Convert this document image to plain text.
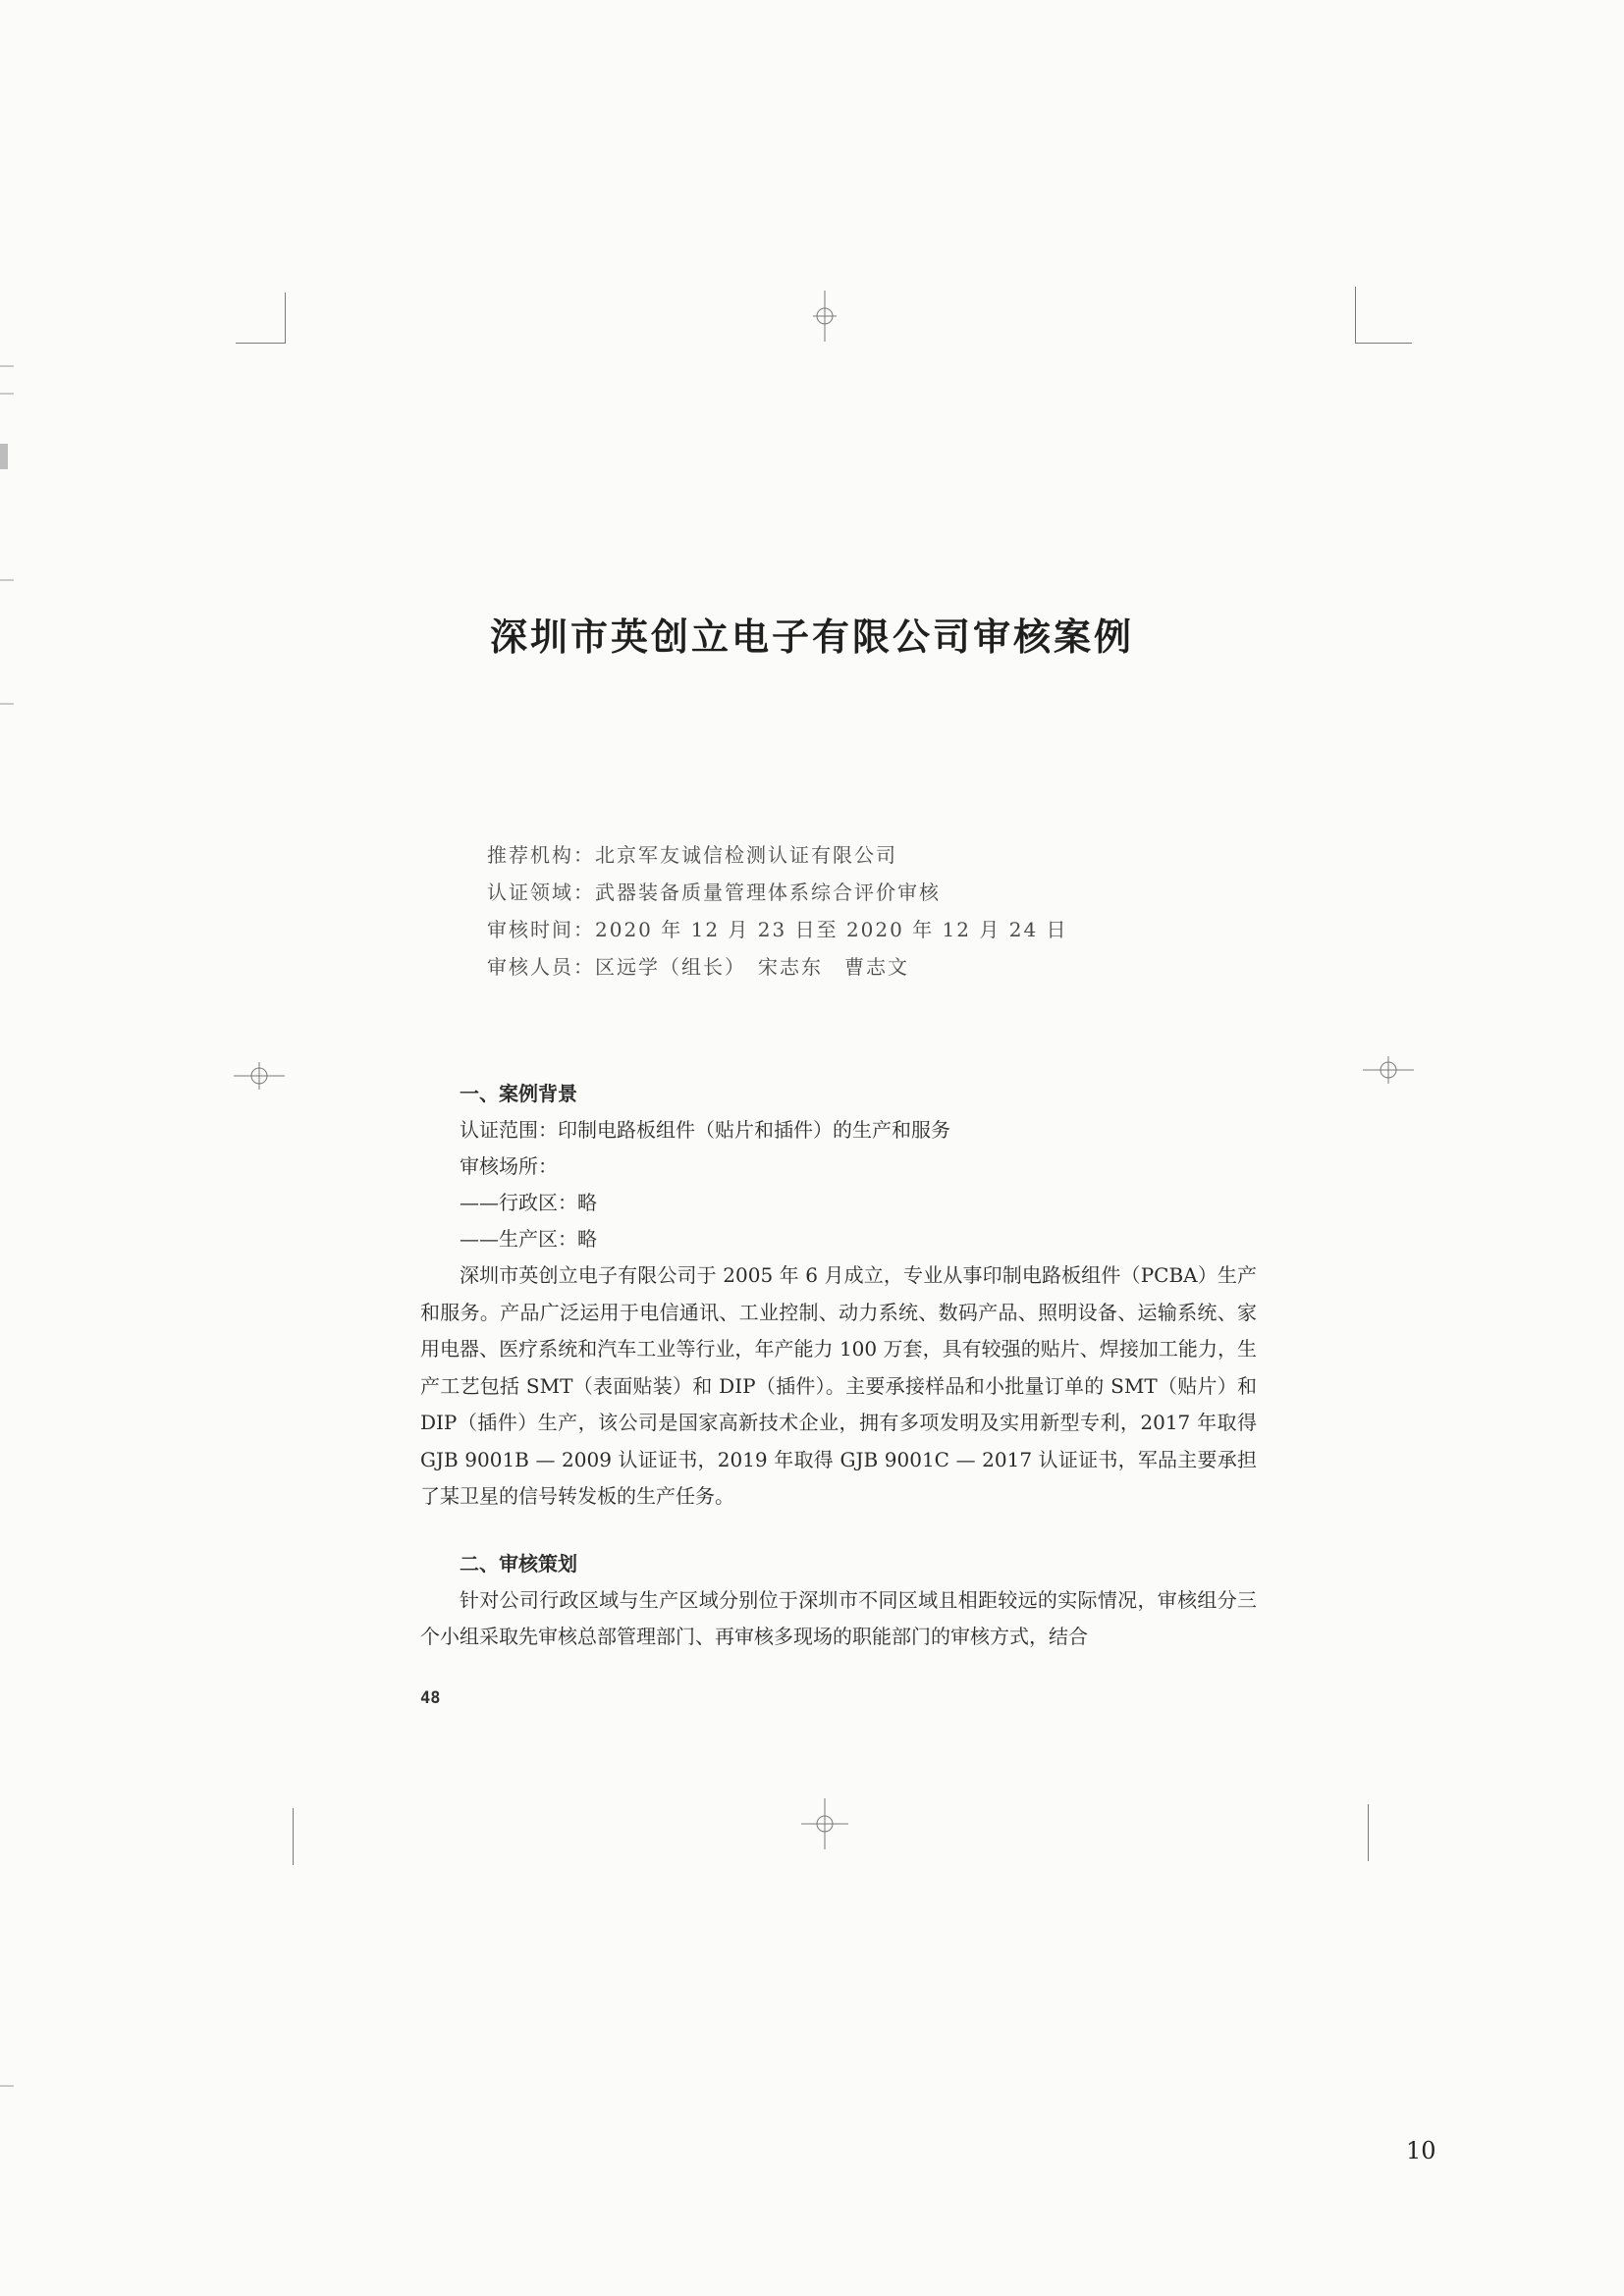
深圳市英创立电子有限公司审核案例
推荐机构：北京军友诚信检测认证有限公司
认证领域：武器装备质量管理体系综合评价审核
审核时间：2020 年 12 月 23 日至 2020 年 12 月 24 日
审核人员：区远学（组长）　宋志东　曹志文
一、案例背景
认证范围：印制电路板组件（贴片和插件）的生产和服务
审核场所：
——行政区：略
——生产区：略
深圳市英创立电子有限公司于 2005 年 6 月成立，专业从事印制电路板组件（PCBA）生产和服务。产品广泛运用于电信通讯、工业控制、动力系统、数码产品、照明设备、运输系统、家用电器、医疗系统和汽车工业等行业，年产能力 100 万套，具有较强的贴片、焊接加工能力，生产工艺包括 SMT（表面贴装）和 DIP（插件）。主要承接样品和小批量订单的 SMT（贴片）和 DIP（插件）生产，该公司是国家高新技术企业，拥有多项发明及实用新型专利，2017 年取得 GJB 9001B — 2009 认证证书，2019 年取得 GJB 9001C — 2017 认证证书，军品主要承担了某卫星的信号转发板的生产任务。
二、审核策划
针对公司行政区域与生产区域分别位于深圳市不同区域且相距较远的实际情况，审核组分三个小组采取先审核总部管理部门、再审核多现场的职能部门的审核方式，结合
48
10
